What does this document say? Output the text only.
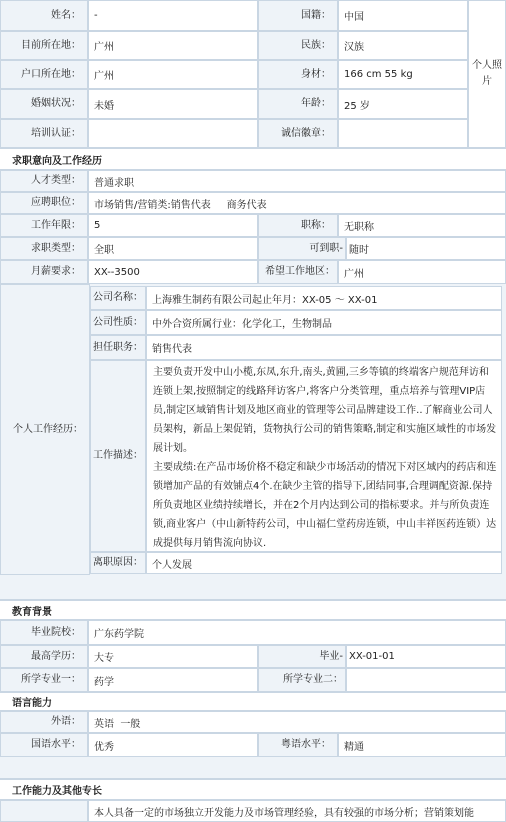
姓名：	-	国籍：	中国
个人照片
目前所在地：	广州	民族：	汉族
户口所在地：	广州	身材：	166 cm 55 kg
婚姻状况：	未婚	年龄：	25 岁
培训认证：	诚信徽章：
求职意向及工作经历
人才类型：	普通求职
应聘职位：	市场销售/营销类:销售代表     商务代表
工作年限：	5	职称：	无职称
求职类型：	全职	可到职- 随时
月薪要求：	XX--3500	希望工作地区： 广州
个人工作经历：
公司名称： 上海雅生制药有限公司起止年月：XX-05 ～ XX-01
公司性质： 中外合资所属行业：化学化工，生物制品
担任职务： 销售代表
工作描述：
主要负责开发中山小榄,东凤,东升,南头,黄圃,三乡等镇的终端客户规范拜访和连锁上架,按照制定的线路拜访客户,将客户分类管理，重点培养与管理VIP店员,制定区域销售计划及地区商业的管理等公司品牌建设工作..了解商业公司人员架构，新品上架促销，货物执行公司的销售策略,制定和实施区域性的市场发展计划。
主要成绩:在产品市场价格不稳定和缺少市场活动的情况下对区域内的药店和连锁增加产品的有效铺点4个.在缺少主管的指导下,团结同事,合理调配资源.保持所负责地区业绩持续增长，并在2个月内达到公司的指标要求。并与所负责连锁,商业客户（中山新特药公司，中山福仁堂药房连锁，中山丰祥医药连锁）达成提供每月销售流向协议.
离职原因： 个人发展
教育背景
毕业院校：	广东药学院
最高学历：	大专	毕业- XX-01-01
所学专业一：	药学	所学专业二：
语言能力
外语：	英语  一般
国语水平：	优秀	粤语水平：	精通
工作能力及其他专长
本人具备一定的市场独立开发能力及市场管理经验，具有较强的市场分析；营销策划能
